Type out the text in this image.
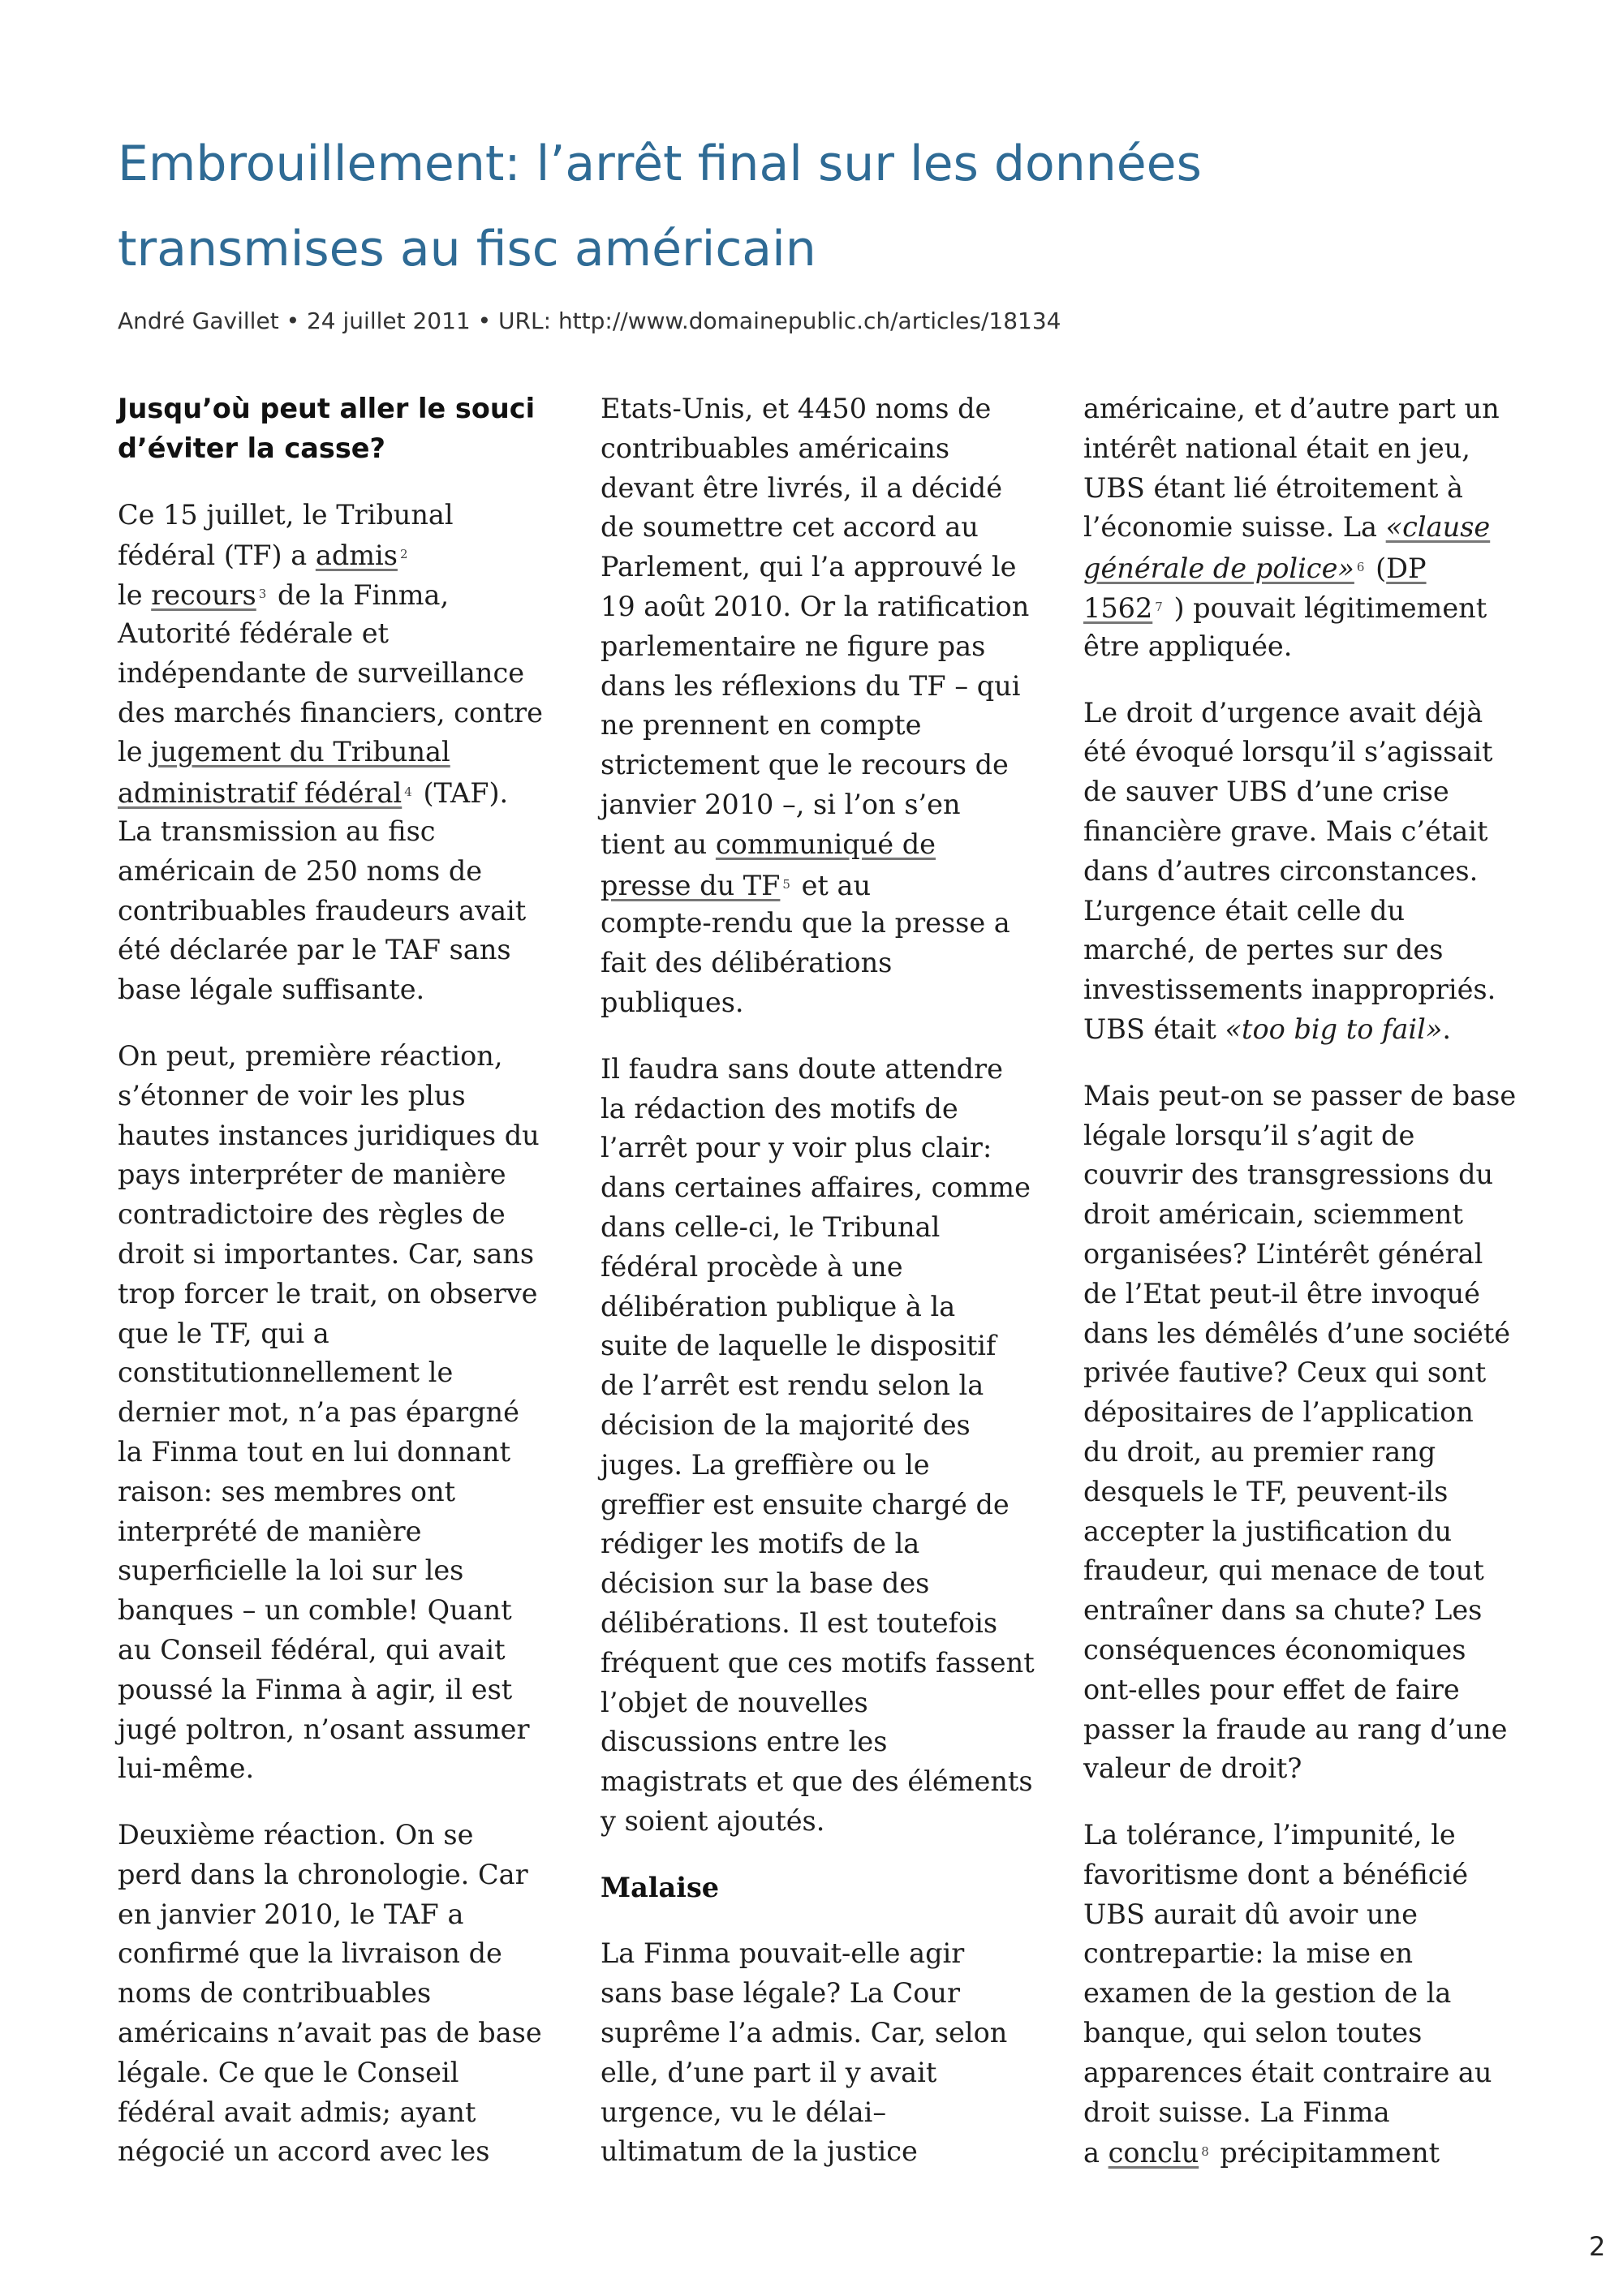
Embrouillement: l’arrêt final sur les données
transmises au fisc américain
André Gavillet • 24 juillet 2011 • URL: http://www.domainepublic.ch/articles/18134
Jusqu’où peut aller le souci
d’éviter la casse?
Ce 15 juillet, le Tribunal
fédéral (TF) a admis $^2$
le recours $^3$ de la Finma,
Autorité fédérale et
indépendante de surveillance
des marchés financiers, contre
le jugement du Tribunal
administratif fédéral $^4$ (TAF).
La transmission au fisc
américain de 250 noms de
contribuables fraudeurs avait
été déclarée par le TAF sans
base légale suffisante.
On peut, première réaction,
s’étonner de voir les plus
hautes instances juridiques du
pays interpréter de manière
contradictoire des règles de
droit si importantes. Car, sans
trop forcer le trait, on observe
que le TF, qui a
constitutionnellement le
dernier mot, n’a pas épargné
la Finma tout en lui donnant
raison: ses membres ont
interprété de manière
superficielle la loi sur les
banques – un comble! Quant
au Conseil fédéral, qui avait
poussé la Finma à agir, il est
jugé poltron, n’osant assumer
lui-même.
Deuxième réaction. On se
perd dans la chronologie. Car
en janvier 2010, le TAF a
confirmé que la livraison de
noms de contribuables
américains n’avait pas de base
légale. Ce que le Conseil
fédéral avait admis; ayant
négocié un accord avec les
Etats-Unis, et 4450 noms de
contribuables américains
devant être livrés, il a décidé
de soumettre cet accord au
Parlement, qui l’a approuvé le
19 août 2010. Or la ratification
parlementaire ne figure pas
dans les réflexions du TF – qui
ne prennent en compte
strictement que le recours de
janvier 2010 –, si l’on s’en
tient au communiqué de
presse du TF $^5$ et au
compte-rendu que la presse a
fait des délibérations
publiques.
Il faudra sans doute attendre
la rédaction des motifs de
l’arrêt pour y voir plus clair:
dans certaines affaires, comme
dans celle-ci, le Tribunal
fédéral procède à une
délibération publique à la
suite de laquelle le dispositif
de l’arrêt est rendu selon la
décision de la majorité des
juges. La greffière ou le
greffier est ensuite chargé de
rédiger les motifs de la
décision sur la base des
délibérations. Il est toutefois
fréquent que ces motifs fassent
l’objet de nouvelles
discussions entre les
magistrats et que des éléments
y soient ajoutés.
Malaise
La Finma pouvait-elle agir
sans base légale? La Cour
suprême l’a admis. Car, selon
elle, d’une part il y avait
urgence, vu le délai–
ultimatum de la justice
américaine, et d’autre part un
intérêt national était en jeu,
UBS étant lié étroitement à
l’économie suisse. La «clause
générale de police» $^6$ (DP
1562 $^7$ ) pouvait légitimement
être appliquée.
Le droit d’urgence avait déjà
été évoqué lorsqu’il s’agissait
de sauver UBS d’une crise
financière grave. Mais c’était
dans d’autres circonstances.
L’urgence était celle du
marché, de pertes sur des
investissements inappropriés.
UBS était «too big to fail».
Mais peut-on se passer de base
légale lorsqu’il s’agit de
couvrir des transgressions du
droit américain, sciemment
organisées? L’intérêt général
de l’Etat peut-il être invoqué
dans les démêlés d’une société
privée fautive? Ceux qui sont
dépositaires de l’application
du droit, au premier rang
desquels le TF, peuvent-ils
accepter la justification du
fraudeur, qui menace de tout
entraîner dans sa chute? Les
conséquences économiques
ont-elles pour effet de faire
passer la fraude au rang d’une
valeur de droit?
La tolérance, l’impunité, le
favoritisme dont a bénéficié
UBS aurait dû avoir une
contrepartie: la mise en
examen de la gestion de la
banque, qui selon toutes
apparences était contraire au
droit suisse. La Finma
a conclu $^8$ précipitamment
2
